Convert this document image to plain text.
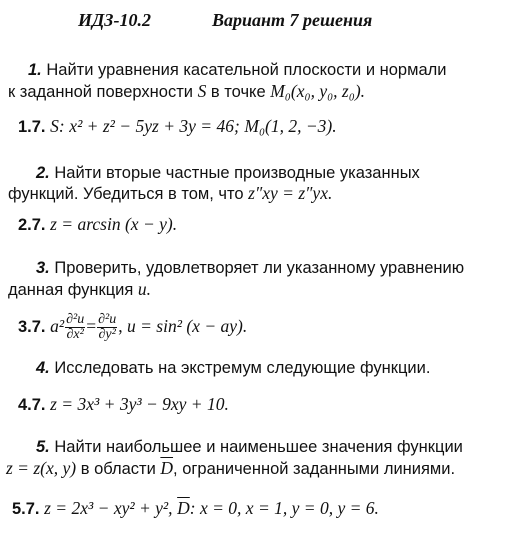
ИДЗ-10.2	Вариант 7 решения
1. Найти уравнения касательной плоскости и нормали
к заданной поверхности S в точке M₀(x₀, y₀, z₀).
1.7. S: x² + z² − 5yz + 3y = 46; M₀(1, 2, −3).
2. Найти вторые частные производные указанных
функций. Убедиться в том, что z″xy = z″yx.
2.7. z = arcsin (x − y).
3. Проверить, удовлетворяет ли указанному уравнению
данная функция u.
3.7. $a^2 \frac{\text{∂²u}}{\text{∂x²}} = \frac{\text{∂²u}}{\text{∂y²}}$ , u = sin² (x − ay).
4. Исследовать на экстремум следующие функции.
4.7. z = 3x³ + 3y³ − 9xy + 10.
5. Найти наибольшее и наименьшее значения функции
z = z(x, y) в области $\overline{D}$, ограниченной заданными линиями.
5.7. z = 2x³ − xy² + y², $\overline{D}$: x = 0, x = 1, y = 0, y = 6.
